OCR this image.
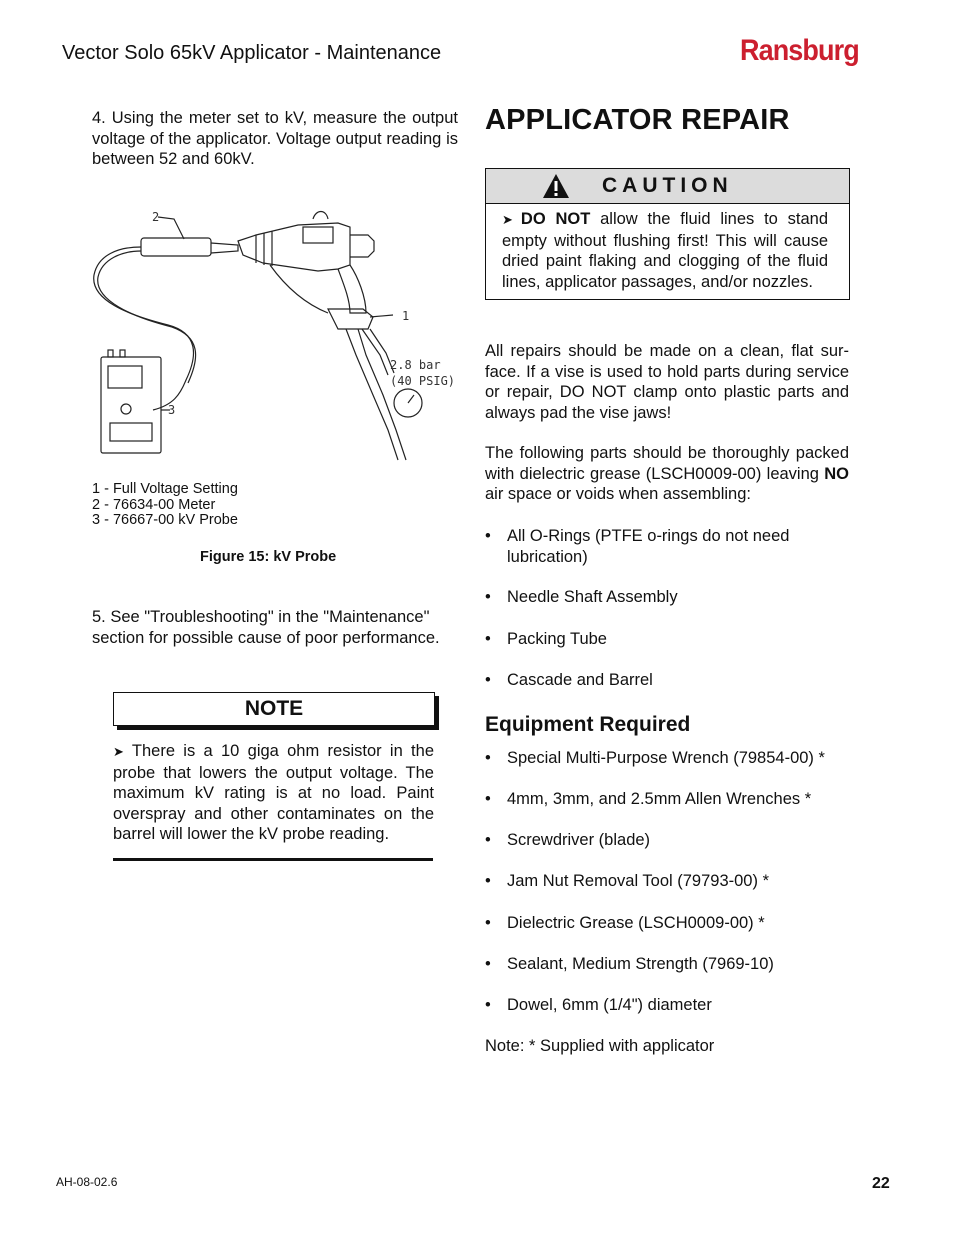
Vector Solo 65kV Applicator - Maintenance	Ransburg
4. Using the meter set to kV, measure the output voltage of the applicator. Voltage output reading is between 52 and 60kV.
2
1
3
2.8 bar
(40 PSIG)
1 - Full Voltage Setting
2 - 76634-00 Meter
3 - 76667-00 kV Probe
Figure 15: kV Probe
5. See "Troubleshooting" in the "Maintenance" section for possible cause of poor performance.
NOTE
➤ There is a 10 giga ohm resistor in the probe that lowers the output voltage. The maximum kV rating is at no load. Paint overspray and other contaminates on the barrel will lower the kV probe reading.
APPLICATOR REPAIR
CAUTION
➤ DO NOT allow the fluid lines to stand empty without flushing first! This will cause dried paint flaking and clogging of the fluid lines, applicator passages, and/or nozzles.
All repairs should be made on a clean, flat sur-face. If a vise is used to hold parts during service or repair, DO NOT clamp onto plastic parts and always pad the vise jaws!
The following parts should be thoroughly packed with dielectric grease (LSCH0009-00) leaving NO air space or voids when assembling:
• All O-Rings (PTFE o-rings do not need lubrication)
• Needle Shaft Assembly
• Packing Tube
• Cascade and Barrel
Equipment Required
• Special Multi-Purpose Wrench (79854-00) *
• 4mm, 3mm, and 2.5mm Allen Wrenches *
• Screwdriver (blade)
• Jam Nut Removal Tool (79793-00) *
• Dielectric Grease (LSCH0009-00) *
• Sealant, Medium Strength (7969-10)
• Dowel, 6mm (1/4") diameter
Note: * Supplied with applicator
AH-08-02.6	22
